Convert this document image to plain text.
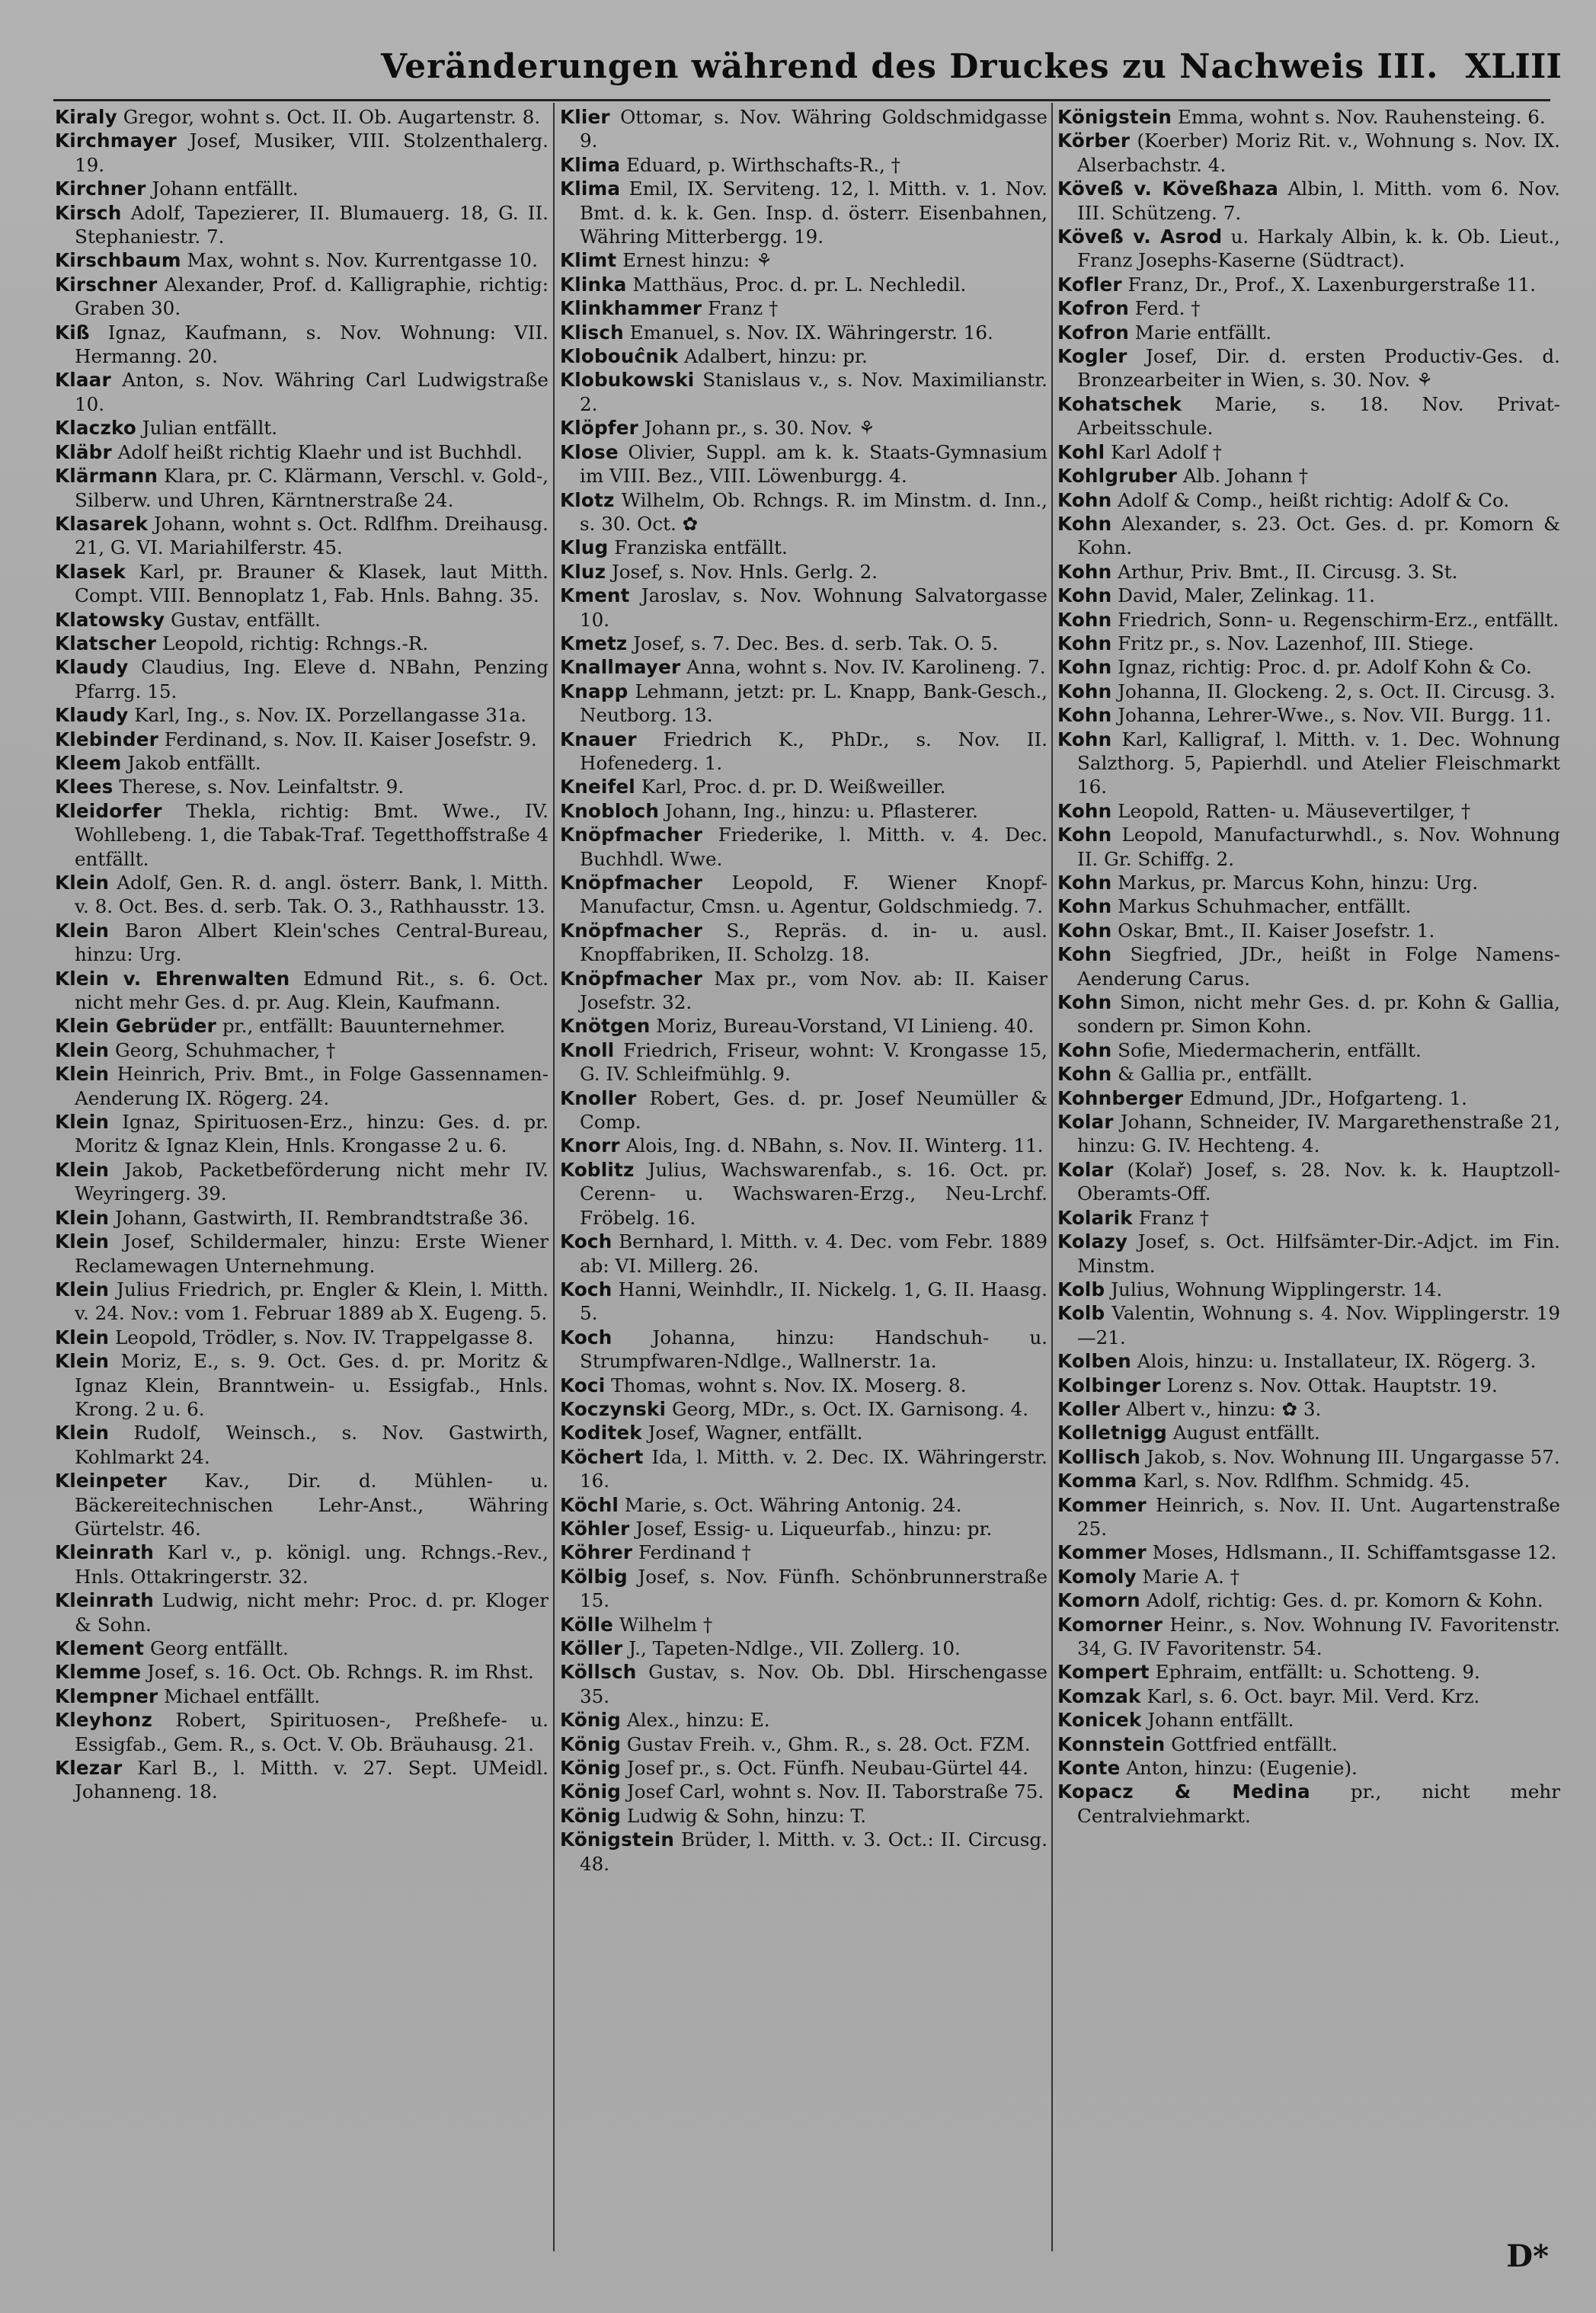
Veränderungen während des Druckes zu Nachweis III. XLIII

Kiraly Gregor, wohnt s. Oct. II. Ob. Augartenstr. 8.

Kirchmayer Josef, Musiker, VIII. Stolzenthalerg. 19.

Kirchner Johann entfällt.

Kirsch Adolf, Tapezierer, II. Blumauerg. 18, G. II. Stephaniestr. 7.

Kirschbaum Max, wohnt s. Nov. Kurrentgasse 10.

Kirschner Alexander, Prof. d. Kalligraphie, richtig: Graben 30.

Kiß Ignaz, Kaufmann, s. Nov. Wohnung: VII. Hermanng. 20.

Klaar Anton, s. Nov. Währing Carl Ludwigstraße 10.

Klaczko Julian entfällt.

Kläbr Adolf heißt richtig Klaehr und ist Buchhdl.

Klärmann Klara, pr. C. Klärmann, Verschl. v. Gold-, Silberw. und Uhren, Kärntnerstraße 24.

Klasarek Johann, wohnt s. Oct. Rdlfhm. Dreihausg. 21, G. VI. Mariahilferstr. 45.

Klasek Karl, pr. Brauner & Klasek, laut Mitth. Compt. VIII. Bennoplatz 1, Fab. Hnls. Bahng. 35.

Klatowsky Gustav, entfällt.

Klatscher Leopold, richtig: Rchngs.-R.

Klaudy Claudius, Ing. Eleve d. NBahn, Penzing Pfarrg. 15.

Klaudy Karl, Ing., s. Nov. IX. Porzellangasse 31a.

Klebinder Ferdinand, s. Nov. II. Kaiser Josefstr. 9.

Kleem Jakob entfällt.

Klees Therese, s. Nov. Leinfaltstr. 9.

Kleidorfer Thekla, richtig: Bmt. Wwe., IV. Wohllebeng. 1, die Tabak-Traf. Tegetthoffstraße 4 entfällt.

Klein Adolf, Gen. R. d. angl. österr. Bank, l. Mitth. v. 8. Oct. Bes. d. serb. Tak. O. 3., Rathhausstr. 13.

Klein Baron Albert Klein'sches Central-Bureau, hinzu: Urg.

Klein v. Ehrenwalten Edmund Rit., s. 6. Oct. nicht mehr Ges. d. pr. Aug. Klein, Kaufmann.

Klein Gebrüder pr., entfällt: Bauunternehmer.

Klein Georg, Schuhmacher, †

Klein Heinrich, Priv. Bmt., in Folge Gassennamen-Aenderung IX. Rögerg. 24.

Klein Ignaz, Spirituosen-Erz., hinzu: Ges. d. pr. Moritz & Ignaz Klein, Hnls. Krongasse 2 u. 6.

Klein Jakob, Packetbeförderung nicht mehr IV. Weyringerg. 39.

Klein Johann, Gastwirth, II. Rembrandtstraße 36.

Klein Josef, Schildermaler, hinzu: Erste Wiener Reclamewagen Unternehmung.

Klein Julius Friedrich, pr. Engler & Klein, l. Mitth. v. 24. Nov.: vom 1. Februar 1889 ab X. Eugeng. 5.

Klein Leopold, Trödler, s. Nov. IV. Trappelgasse 8.

Klein Moriz, E., s. 9. Oct. Ges. d. pr. Moritz & Ignaz Klein, Branntwein- u. Essigfab., Hnls. Krong. 2 u. 6.

Klein Rudolf, Weinsch., s. Nov. Gastwirth, Kohlmarkt 24.

Kleinpeter Kav., Dir. d. Mühlen- u. Bäckereitechnischen Lehr-Anst., Währing Gürtelstr. 46.

Kleinrath Karl v., p. königl. ung. Rchngs.-Rev., Hnls. Ottakringerstr. 32.

Kleinrath Ludwig, nicht mehr: Proc. d. pr. Kloger & Sohn.

Klement Georg entfällt.

Klemme Josef, s. 16. Oct. Ob. Rchngs. R. im Rhst.

Klempner Michael entfällt.

Kleyhonz Robert, Spirituosen-, Preßhefe- u. Essigfab., Gem. R., s. Oct. V. Ob. Bräuhausg. 21.

Klezar Karl B., l. Mitth. v. 27. Sept. UMeidl. Johanneng. 18.

Klier Ottomar, s. Nov. Währing Goldschmidgasse 9.

Klima Eduard, p. Wirthschafts-R., †

Klima Emil, IX. Serviteng. 12, l. Mitth. v. 1. Nov. Bmt. d. k. k. Gen. Insp. d. österr. Eisenbahnen, Währing Mitterbergg. 19.

Klimt Ernest hinzu: ⚘

Klinka Matthäus, Proc. d. pr. L. Nechledil.

Klinkhammer Franz †

Klisch Emanuel, s. Nov. IX. Währingerstr. 16.

Klobouĉnik Adalbert, hinzu: pr.

Klobukowski Stanislaus v., s. Nov. Maximilianstr. 2.

Klöpfer Johann pr., s. 30. Nov. ⚘

Klose Olivier, Suppl. am k. k. Staats-Gymnasium im VIII. Bez., VIII. Löwenburgg. 4.

Klotz Wilhelm, Ob. Rchngs. R. im Minstm. d. Inn., s. 30. Oct. ✿

Klug Franziska entfällt.

Kluz Josef, s. Nov. Hnls. Gerlg. 2.

Kment Jaroslav, s. Nov. Wohnung Salvatorgasse 10.

Kmetz Josef, s. 7. Dec. Bes. d. serb. Tak. O. 5.

Knallmayer Anna, wohnt s. Nov. IV. Karolineng. 7.

Knapp Lehmann, jetzt: pr. L. Knapp, Bank-Gesch., Neutborg. 13.

Knauer Friedrich K., PhDr., s. Nov. II. Hofenederg. 1.

Kneifel Karl, Proc. d. pr. D. Weißweiller.

Knobloch Johann, Ing., hinzu: u. Pflasterer.

Knöpfmacher Friederike, l. Mitth. v. 4. Dec. Buchhdl. Wwe.

Knöpfmacher Leopold, F. Wiener Knopf-Manufactur, Cmsn. u. Agentur, Goldschmiedg. 7.

Knöpfmacher S., Repräs. d. in- u. ausl. Knopffabriken, II. Scholzg. 18.

Knöpfmacher Max pr., vom Nov. ab: II. Kaiser Josefstr. 32.

Knötgen Moriz, Bureau-Vorstand, VI Linieng. 40.

Knoll Friedrich, Friseur, wohnt: V. Krongasse 15, G. IV. Schleifmühlg. 9.

Knoller Robert, Ges. d. pr. Josef Neumüller & Comp.

Knorr Alois, Ing. d. NBahn, s. Nov. II. Winterg. 11.

Koblitz Julius, Wachswarenfab., s. 16. Oct. pr. Cerenn- u. Wachswaren-Erzg., Neu-Lrchf. Fröbelg. 16.

Koch Bernhard, l. Mitth. v. 4. Dec. vom Febr. 1889 ab: VI. Millerg. 26.

Koch Hanni, Weinhdlr., II. Nickelg. 1, G. II. Haasg. 5.

Koch Johanna, hinzu: Handschuh- u. Strumpfwaren-Ndlge., Wallnerstr. 1a.

Koci Thomas, wohnt s. Nov. IX. Moserg. 8.

Koczynski Georg, MDr., s. Oct. IX. Garnisong. 4.

Koditek Josef, Wagner, entfällt.

Köchert Ida, l. Mitth. v. 2. Dec. IX. Währingerstr. 16.

Köchl Marie, s. Oct. Währing Antonig. 24.

Köhler Josef, Essig- u. Liqueurfab., hinzu: pr.

Köhrer Ferdinand †

Kölbig Josef, s. Nov. Fünfh. Schönbrunnerstraße 15.

Kölle Wilhelm †

Köller J., Tapeten-Ndlge., VII. Zollerg. 10.

Köllsch Gustav, s. Nov. Ob. Dbl. Hirschengasse 35.

König Alex., hinzu: E.

König Gustav Freih. v., Ghm. R., s. 28. Oct. FZM.

König Josef pr., s. Oct. Fünfh. Neubau-Gürtel 44.

König Josef Carl, wohnt s. Nov. II. Taborstraße 75.

König Ludwig & Sohn, hinzu: T.

Königstein Brüder, l. Mitth. v. 3. Oct.: II. Circusg. 48.

Königstein Emma, wohnt s. Nov. Rauhensteing. 6.

Körber (Koerber) Moriz Rit. v., Wohnung s. Nov. IX. Alserbachstr. 4.

Köveß v. Köveßhaza Albin, l. Mitth. vom 6. Nov. III. Schützeng. 7.

Köveß v. Asrod u. Harkaly Albin, k. k. Ob. Lieut., Franz Josephs-Kaserne (Südtract).

Kofler Franz, Dr., Prof., X. Laxenburgerstraße 11.

Kofron Ferd. †

Kofron Marie entfällt.

Kogler Josef, Dir. d. ersten Productiv-Ges. d. Bronzearbeiter in Wien, s. 30. Nov. ⚘

Kohatschek Marie, s. 18. Nov. Privat-Arbeitsschule.

Kohl Karl Adolf †

Kohlgruber Alb. Johann †

Kohn Adolf & Comp., heißt richtig: Adolf & Co.

Kohn Alexander, s. 23. Oct. Ges. d. pr. Komorn & Kohn.

Kohn Arthur, Priv. Bmt., II. Circusg. 3. St.

Kohn David, Maler, Zelinkag. 11.

Kohn Friedrich, Sonn- u. Regenschirm-Erz., entfällt.

Kohn Fritz pr., s. Nov. Lazenhof, III. Stiege.

Kohn Ignaz, richtig: Proc. d. pr. Adolf Kohn & Co.

Kohn Johanna, II. Glockeng. 2, s. Oct. II. Circusg. 3.

Kohn Johanna, Lehrer-Wwe., s. Nov. VII. Burgg. 11.

Kohn Karl, Kalligraf, l. Mitth. v. 1. Dec. Wohnung Salzthorg. 5, Papierhdl. und Atelier Fleischmarkt 16.

Kohn Leopold, Ratten- u. Mäusevertilger, †

Kohn Leopold, Manufacturwhdl., s. Nov. Wohnung II. Gr. Schiffg. 2.

Kohn Markus, pr. Marcus Kohn, hinzu: Urg.

Kohn Markus Schuhmacher, entfällt.

Kohn Oskar, Bmt., II. Kaiser Josefstr. 1.

Kohn Siegfried, JDr., heißt in Folge Namens-Aenderung Carus.

Kohn Simon, nicht mehr Ges. d. pr. Kohn & Gallia, sondern pr. Simon Kohn.

Kohn Sofie, Miedermacherin, entfällt.

Kohn & Gallia pr., entfällt.

Kohnberger Edmund, JDr., Hofgarteng. 1.

Kolar Johann, Schneider, IV. Margarethenstraße 21, hinzu: G. IV. Hechteng. 4.

Kolar (Kolař) Josef, s. 28. Nov. k. k. Hauptzoll-Oberamts-Off.

Kolarik Franz †

Kolazy Josef, s. Oct. Hilfsämter-Dir.-Adjct. im Fin. Minstm.

Kolb Julius, Wohnung Wipplingerstr. 14.

Kolb Valentin, Wohnung s. 4. Nov. Wipplingerstr. 19—21.

Kolben Alois, hinzu: u. Installateur, IX. Rögerg. 3.

Kolbinger Lorenz s. Nov. Ottak. Hauptstr. 19.

Koller Albert v., hinzu: ✿ 3.

Kolletnigg August entfällt.

Kollisch Jakob, s. Nov. Wohnung III. Ungargasse 57.

Komma Karl, s. Nov. Rdlfhm. Schmidg. 45.

Kommer Heinrich, s. Nov. II. Unt. Augartenstraße 25.

Kommer Moses, Hdlsmann., II. Schiffamtsgasse 12.

Komoly Marie A. †

Komorn Adolf, richtig: Ges. d. pr. Komorn & Kohn.

Komorner Heinr., s. Nov. Wohnung IV. Favoritenstr. 34, G. IV Favoritenstr. 54.

Kompert Ephraim, entfällt: u. Schotteng. 9.

Komzak Karl, s. 6. Oct. bayr. Mil. Verd. Krz.

Konicek Johann entfällt.

Konnstein Gottfried entfällt.

Konte Anton, hinzu: (Eugenie).

Kopacz & Medina pr., nicht mehr Centralviehmarkt.

D*
